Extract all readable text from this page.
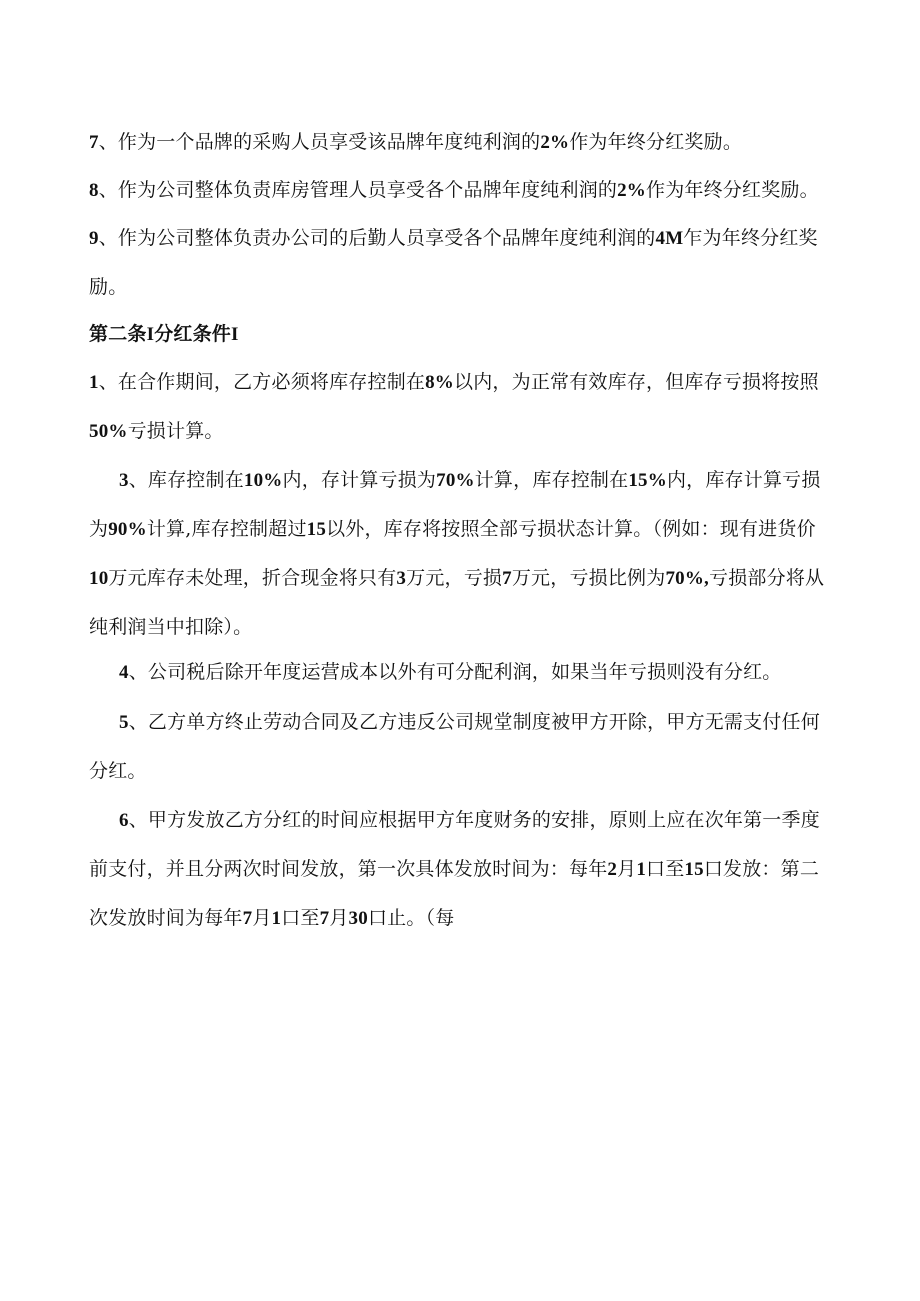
7、作为一个品牌的采购人员享受该品牌年度纯利润的2%作为年终分红奖励。

8、作为公司整体负责库房管理人员享受各个品牌年度纯利润的2%作为年终分红奖励。

9、作为公司整体负责办公司的后勤人员享受各个品牌年度纯利润的4M乍为年终分红奖励。

第二条I分红条件I

1、在合作期间，乙方必须将库存控制在8%以内，为正常有效库存，但库存亏损将按照50%亏损计算。

3、库存控制在10%内，存计算亏损为70%计算，库存控制在15%内，库存计算亏损为90%计算,库存控制超过15以外，库存将按照全部亏损状态计算。（例如：现有进货价10万元库存未处理，折合现金将只有3万元，亏损7万元，亏损比例为70%,亏损部分将从纯利润当中扣除）。

4、公司税后除开年度运营成本以外有可分配利润，如果当年亏损则没有分红。

5、乙方单方终止劳动合同及乙方违反公司规堂制度被甲方开除，甲方无需支付任何分红。

6、甲方发放乙方分红的时间应根据甲方年度财务的安排，原则上应在次年第一季度前支付，并且分两次时间发放，第一次具体发放时间为：每年2月1口至15口发放：第二次发放时间为每年7月1口至7月30口止。（每
